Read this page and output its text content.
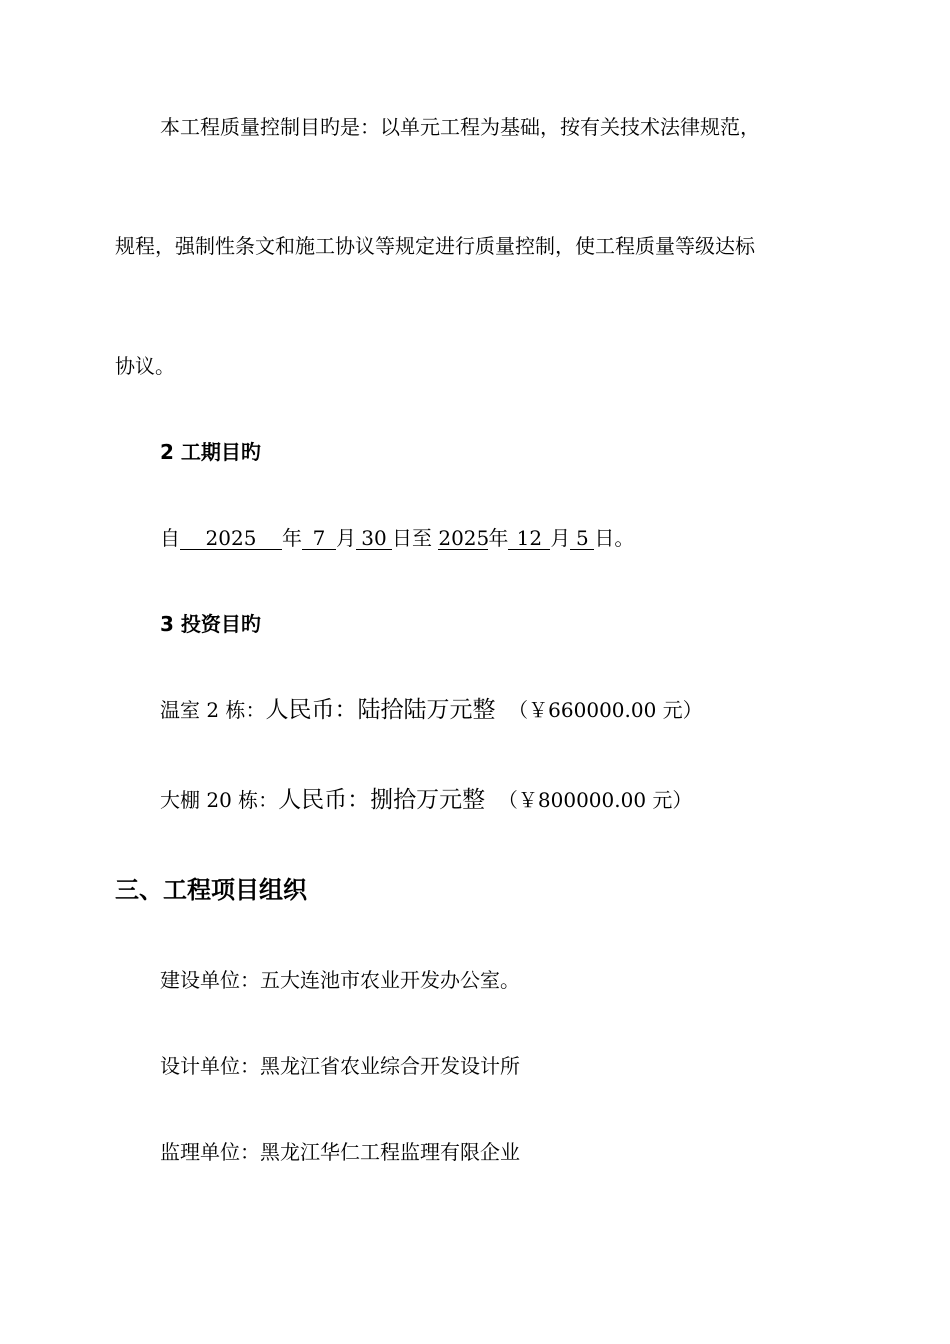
本工程质量控制目旳是：以单元工程为基础，按有关技术法律规范，
规程，强制性条文和施工协议等规定进行质量控制，使工程质量等级达标
协议。
2 工期目旳
自 2025 年 7 月 30 日至 2025年 12 月 5 日。
3 投资目旳
温室 2 栋：人民币：陆拾陆万元整 （￥660000.00 元）
大棚 20 栋：人民币：捌拾万元整 （￥800000.00 元）
三、工程项目组织
建设单位：五大连池市农业开发办公室。
设计单位：黑龙江省农业综合开发设计所
监理单位：黑龙江华仁工程监理有限企业
